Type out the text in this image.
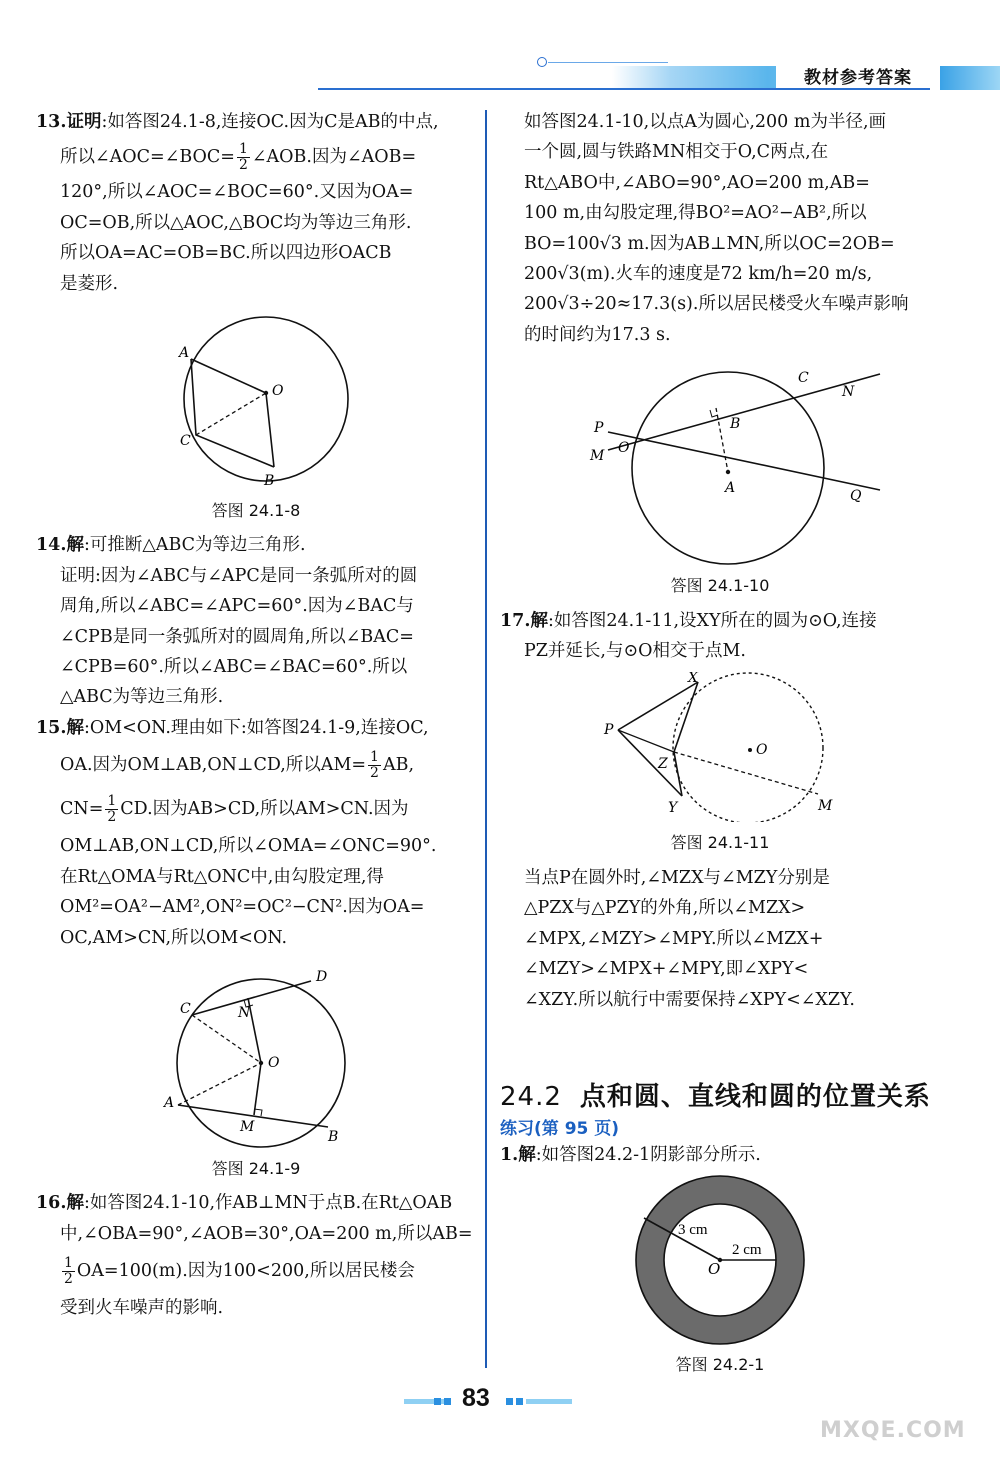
教材参考答案

13.证明:如答图24.1-8,连接OC.因为C是AB的中点,

所以∠AOC=∠BOC= $\frac{1}{2}$ ∠AOB.因为∠AOB=

120°,所以∠AOC=∠BOC=60°.又因为OA=

OC=OB,所以△AOC,△BOC均为等边三角形.

所以OA=AC=OB=BC.所以四边形OACB

是菱形.

A
O
C
B
答图 24.1-8

14.解:可推断△ABC为等边三角形.

证明:因为∠ABC与∠APC是同一条弧所对的圆

周角,所以∠ABC=∠APC=60°.因为∠BAC与

∠CPB是同一条弧所对的圆周角,所以∠BAC=

∠CPB=60°.所以∠ABC=∠BAC=60°.所以

△ABC为等边三角形.

15.解:OM<ON.理由如下:如答图24.1-9,连接OC,

OA.因为OM⊥AB,ON⊥CD,所以$AM= \frac{1}{2}$ AB,

$CN= \frac{1}{2}$ CD.因为AB>CD,所以AM>CN.因为

OM⊥AB,ON⊥CD,所以∠OMA=∠ONC=90°.

在Rt△OMA与Rt△ONC中,由勾股定理,得

OM²=OA²−AM²,ON²=OC²−CN².因为OA=

OC,AM>CN,所以OM<ON.

D
C	N
O
A
M
B
答图 24.1-9

16.解:如答图24.1-10,作AB⊥MN于点B.在Rt△OAB

中,∠OBA=90°,∠AOB=30°,OA=200 m,所以AB=

$\frac{1}{2} OA=100(m)$.因为100<200,所以居民楼会

受到火车噪声的影响.

如答图24.1-10,以点A为圆心,200 m为半径,画

一个圆,圆与铁路MN相交于O,C两点,在

Rt△ABO中,∠ABO=90°,AO=200 m,AB=

100 m,由勾股定理,得BO²=AO²−AB²,所以

BO=100√3 m.因为AB⊥MN,所以OC=2OB=

200√3(m).火车的速度是72 km/h=20 m/s,

200√3÷20≈17.3(s).所以居民楼受火车噪声影响

的时间约为17.3 s.

P
M O
B
A
C
N
Q
答图 24.1-10

17.解:如答图24.1-11,设XY所在的圆为⊙O,连接

PZ并延长,与⊙O相交于点M.

P
X
Z
Y
O
M
答图 24.1-11

当点P在圆外时,∠MZX与∠MZY分别是

△PZX与△PZY的外角,所以∠MZX>

∠MPX,∠MZY>∠MPY.所以∠MZX+

∠MZY>∠MPX+∠MPY,即∠XPY<

∠XZY.所以航行中需要保持∠XPY<∠XZY.

24.2 点和圆、直线和圆的位置关系
练习(第 95 页)

1.解:如答图24.2-1阴影部分所示.

3 cm
2 cm
O
答图 24.2-1
83
MXQE.COM
